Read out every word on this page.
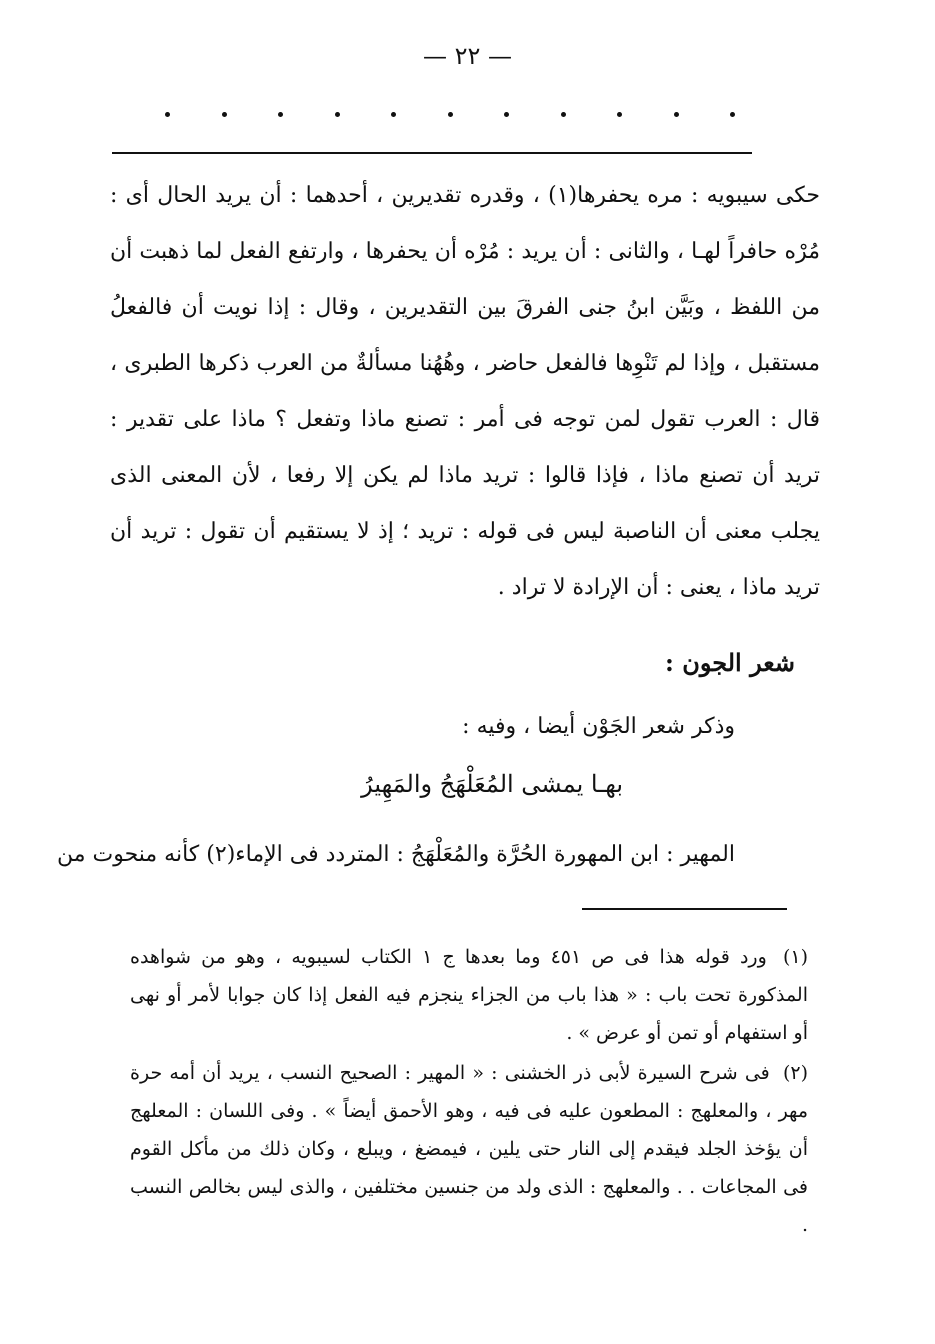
— ٢٢ —

حكى سيبويه : مره يحفرها(١) ، وقدره تقديرين ، أحدهما : أن يريد الحال أى : مُرْه حافراً لهـا ، والثانى : أن يريد : مُرْه أن يحفرها ، وارتفع الفعل لما ذهبت أن من اللفظ ، وبَيَّن ابنُ جنى الفرقَ بين التقديرين ، وقال : إذا نويت أن فالفعلُ مستقبل ، وإذا لم تَنْوِها فالفعل حاضر ، وهُهُنا مسألةٌ من العرب ذكرها الطبرى ، قال : العرب تقول لمن توجه فى أمر : تصنع ماذا وتفعل ؟ ماذا على تقدير : تريد أن تصنع ماذا ، فإذا قالوا : تريد ماذا لم يكن إلا رفعا ، لأن المعنى الذى يجلب معنى أن الناصبة ليس فى قوله : تريد ؛ إذ لا يستقيم أن تقول : تريد أن تريد ماذا ، يعنى : أن الإرادة لا تراد .

شعر الجون :
وذكر شعر الجَوْن أيضا ، وفيه :
بهـا يمشى المُعَلْهَجُ والمَهِيرُ
المهير : ابن المهورة الحُرَّة والمُعَلْهَجُ : المتردد فى الإماء(٢) كأنه منحوت من

(١) ورد قوله هذا فى ص ٤٥١ وما بعدها ج ١ الكتاب لسيبويه ، وهو من شواهده المذكورة تحت باب : « هذا باب من الجزاء ينجزم فيه الفعل إذا كان جوابا لأمر أو نهى أو استفهام أو تمن أو عرض » .

(٢) فى شرح السيرة لأبى ذر الخشنى : « المهير : الصحيح النسب ، يريد أن أمه حرة مهر ، والمعلهج : المطعون عليه فى فيه ، وهو الأحمق أيضاً » . وفى اللسان : المعلهج أن يؤخذ الجلد فيقدم إلى النار حتى يلين ، فيمضغ ، ويبلع ، وكان ذلك من مأكل القوم فى المجاعات . . والمعلهج : الذى ولد من جنسين مختلفين ، والذى ليس بخالص النسب .
